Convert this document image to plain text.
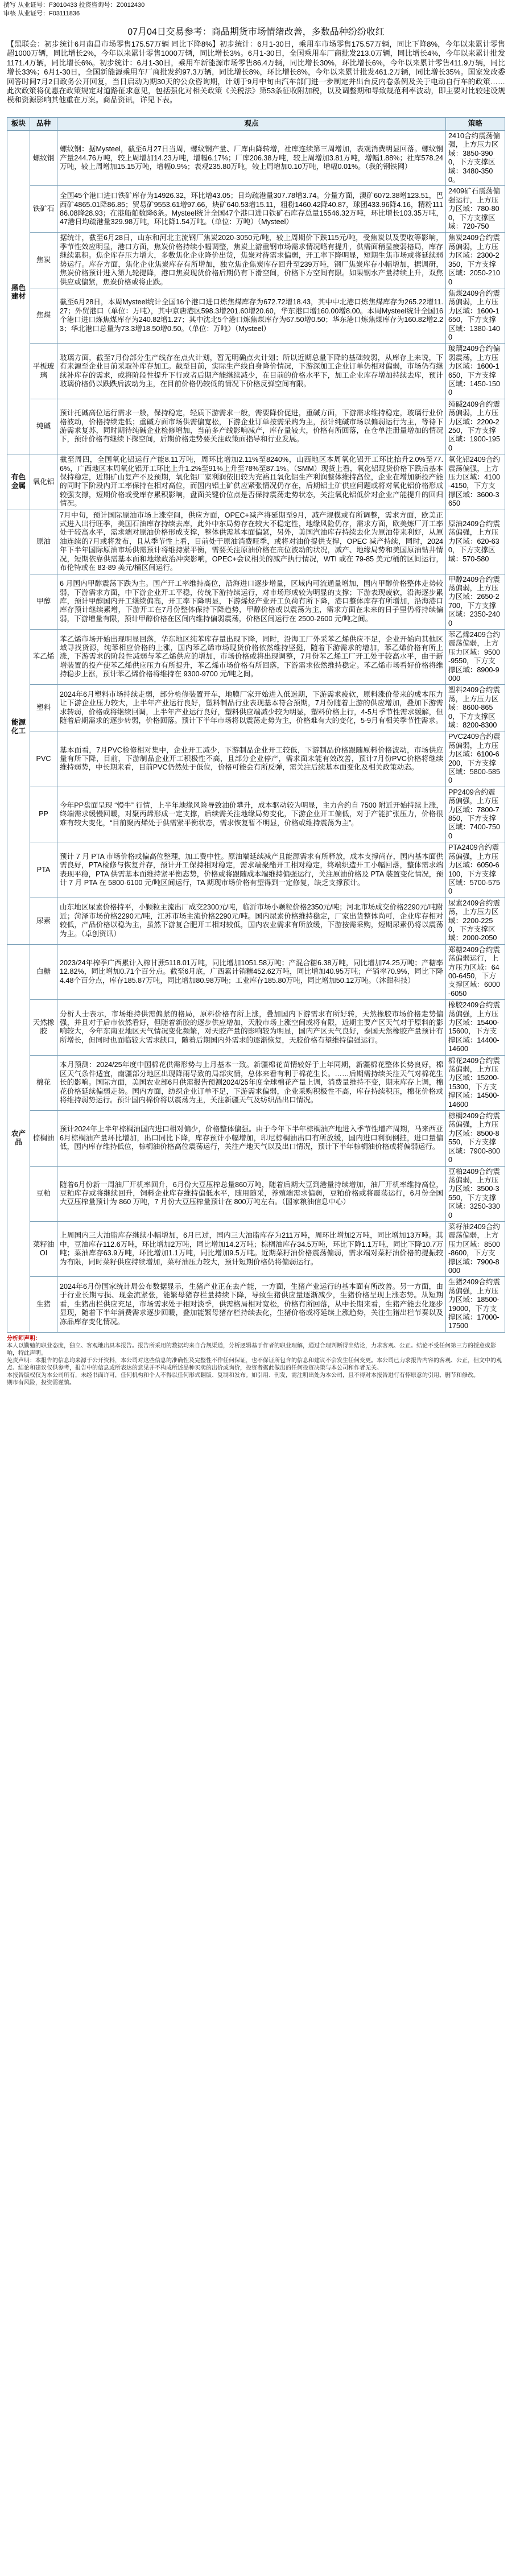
撰写 从业证号：F3010433 投资咨询号：Z0012430
审核 从业证号：F03111836
07月04日交易参考：商品期货市场情绪改善，多数品种纷纷收红
【黑联会：初步统计6月南昌市场零售175.57万辆 同比下降8%】初步统计：6月1-30日，乘用车市场零售175.57万辆，同比下降8%，今年以来累计零售超1000万辆，同比增长2%，今年以来累计零售1000万辆，同比增长3%。6月1-30日，全国乘用车厂商批发213.0万辆，同比增长4%，今年以来累计批发1171.4万辆，同比增长6%。初步统计：6月1-30日，乘用车新能源市场零售86.4万辆，同比增长30%，环比增长6%，今年以来累计零售411.9万辆，同比增长33%；6月1-30日，全国新能源乘用车厂商批发约97.3万辆，同比增长8%，环比增长8%，今年以来累计批发461.2万辆，同比增长35%。国家发改委回答时间7月2日政务公开回复，当日启动为期30天的公众咨询期，计划于9月中旬由汽车部门进一步制定并出台反内卷条例及关于电动自行车的政策……此次政策将优惠在政策规定对道路征求意见，包括强化对相关政策《关税法》第53条征收附加税，以及调整期和导致规范利率波动，即主要对比较建设规模和资源影响其他重在万案。商品资讯，详见下表。
板块	品种	观点	策略
黑色建材	螺纹钢	螺纹钢：据Mysteel，截至6月27日当周，螺纹钢产量、厂库由降转增，社库连续第三周增加，表观消费明显回落。螺纹钢产量244.76万吨，较上周增加14.23万吨，增幅6.17%；厂库206.38万吨，较上周增加3.81万吨，增幅1.88%；社库578.24万吨，较上周增加15.15万吨，增幅0.9%；表观235.80万吨，较上周增加0.10万吨，增幅0.01%。（我的钢铁网）	2410合约震荡偏强，上方压力区域：3850-3900，下方支撑区域：3480-3500。
	铁矿石	全国45个港口进口铁矿库存为14926.32，环比增43.05；日均疏港量307.78增3.74。分量方面，澳矿6072.38增123.51，巴西矿4865.01降86.85；贸易矿9553.61增97.66，块矿640.53增15.11，粗粉1460.42降40.87，球团433.96降4.16，精粉11186.08降28.93；在港船舶数降6条。Mysteel统计全国47个港口进口铁矿石库存总量15546.32万吨，环比增长103.35万吨，47港日均疏港量329.98万吨，环比降1.54万吨。（单位：万吨）（Mysteel）	2409矿石震荡偏强运行，上方压力区域：780-800，下方支撑区域：720-750
	焦炭	据统计，截至6月28日，山东和河北主流钢厂焦炭2020-3050元/吨，较上周期价下跌115元/吨，受焦炭以及要收等影响，季节性效应明显，港口方面，焦炭价格持续小幅调整，焦炭上游重钢市场需求情况略有提升，供需面稍显疲弱格局，库存继续累积。焦企库存压力增大，多数焦化企业降价出货，焦炭对待需求偏弱，开工率下降明显，短期生焦市场或将延续弱势运行。库存方面，焦化企业焦炭库存有所增加，独立焦企焦炭库存回升至239万吨，钢厂焦炭库存小幅增加，据调研，焦炭价格预计进入第九轮提降，港口焦炭现货价格后期仍有下滑空间，价格下方空间有限。如果钢水产量持续上升，双焦供应或偏紧，焦炭价格或将止跌。	焦炭2409合约震荡偏弱，上方压力区域：2300-2350，下方支撑区域：2050-2100
	焦煤	截至6月28日，本周Mysteel统计全国16个港口进口炼焦煤库存为672.72增18.43，其中中北港口炼焦煤库存为265.22增11.27；外贸港口（单位：万吨），其中京唐港区598.3增201.60增20.60，华东港口增160.00增8.00。本周Mysteel统计全国16个港口进口炼焦煤库存为240.82增1.27；其中沈北5个港口炼焦煤库存为67.50增0.50；华东港口炼焦煤库存为160.82增2.23；华北港口总量为73.3增18.50增0.50。（单位：万吨）（Mysteel）	焦煤2409合约震荡偏弱，上方压力区域：1600-1650，下方支撑区域：1380-1400
	平板玻璃	玻璃方面，截至7月份部分生产线存在点火计划，暂无明确点火计划；所以近期总量下降的基础较弱，从库存上来说，下有来源至企业目前采取补库存加工。截至目前，实际生产线自身降价情况，下游深加工企业订单仍相对偏弱，市场仍有继续补库存的需求，或将阶段性提升下行或者后期产能继续减少，在目前的价格水平下，加工企业库存增加持续去库，预计玻璃价格仍以跌跌后波动为主，在目前价格仍较低的情况下价格反弹空间有限。	玻璃2409合约偏弱震荡，上方压力区域：1600-1650，下方支撑区域：1450-1500
	纯碱	预计托碱高位运行需求一般，保持稳定，轻质下游需求一般，需要降价促进，重碱方面，下游需求维持稳定，玻璃行业价格波动，价格持续走低；重碱方面市场供需偏宽松，下游企业订单按需采购为主，预计纯碱市场以偏弱运行为主，等待下游需求复苏，同时期待纯碱企业检修增加，当前多产线影响减产，库存量较大，价格有所回落，在仓单注册量增加的情况下，预计价格有继续下探空间，后期价格走势要关注政策面指导和行业发展。	纯碱2409合约震荡偏弱，上方压力区域：2200-2250，下方支撑区域：1900-1950
有色金属	氧化铝	截至周四，全国氧化铝运行产能8.11万吨，周环比增加2.11%至8240%，山西地区本周氧化铝开工环比抬升2.0%至77.6%，广西地区本周氧化铝开工环比上升1.2%至91%上升至78%至87.1%。（SMM）现货上看，氧化铝现货价格下跌后基本保持稳定，近期矿山复产不及预期，氧化铝厂家利润依旧较为充裕且氧化铝生产利润整体维持高位，企业在增加新投产能的同时下阶段内开工率保持在相对高位，而国内铝土矿供应紧张情况仍存在，后期铝土矿供应问题或将对氧化铝价格形成较强支撑，短期价格或受库存累积影响，盘面关键价位点是否保持震荡走势状态，关注氧化铝低价对企业产能提升的回归情况。	氧化铝2409合约震荡偏强，上方压力区域：4100-4150，下方支撑区域：3600-3650
能源化工	原油	7月中旬，预计国际原油市场上涨空间，供应方面，OPEC+减产将延期至9月，减产规模或有所调整，需求方面，欧美正式进入出行旺季，美国石油库存持续去库，此外中东局势存在较大不稳定性，地缘风险仍存，需求方面，欧美炼厂开工率处于较高水平，需求端对原油价格形成支撑，整体供需基本面偏紧，另外，美国汽油库存持续去化为原油带来利好，从原油连续的7月或将发布，且从季节性上看，目前处于原油消费旺季，或将对油价提供支撑，OPEC 减产持续，同时，2024年下半年国际原油市场供需预计将维持紧平衡，需要关注原油价格在高位波动的状况，减产、地缘局势和美国原油钻井情况，短期依靠供需基本面和地缘政治冲突影响，OPEC+会议相关的减产执行情况，WTI 或在 79-85 美元/桶的区间运行，布伦特或在 83-89 美元/桶区间运行。	原油2409合约震荡偏强，上方压力区域：620-630，下方支撑区域：570-580
	甲醇	6 月国内甲醇震荡下跌为主。国产开工率维持高位，沿海进口逐步增量，区域内可流通量增加，国内甲醇价格整体走势较弱，下游需求方面，中下游企业开工平稳，传统下游持续运行，对市场形成较为明显的支撑；下游表现疲软，沿海逐步累库，预计甲醇国内开工继续偏高，开工率下降明显，下游烯烃产业开工负荷有所下降，港口整体库存有所增加，沿海港口库存预计继续累增，下游开工在7月份整体保持下降趋势，甲醇价格或以震荡为主，需求方面在未来的日子里仍将持续偏弱，下游增量有限，预计甲醇价格在区间内维持偏弱震荡，价格区间运行在 2500-2600 元/吨之间。	甲醇2409合约震荡偏弱，上方压力区域：2650-2700，下方支撑区域：2350-2400
	苯乙烯	苯乙烯市场开始出现明显回落，华东地区纯苯库存量出现下降，同时，沿海工厂外采苯乙烯供应不足，企业开始向其他区域寻找货源，纯苯相应价格的上涨，国内苯乙烯市场现货价格依然维持坚挺，随着下游需求的增加，苯乙烯价格有所上涨，下游需求的阶段性减弱与苯乙烯供应的增加，市场价格或将出现调整，7月份苯乙烯工厂开工处于较高水平，由于新增装置的投产使苯乙烯供应压力有所提升，苯乙烯市场价格有所回落，下游需求依然维持稳定。苯乙烯市场看好价格将维持稳步上涨，预计苯乙烯价格将维持在 9300-9700 元/吨之间。	苯乙烯2409合约震荡偏弱，上方压力区域：9500-9550，下方支撑区域：8900-9000
	塑料	2024年6月塑料市场持续走弱，部分检修装置开车，地膜厂家开始进入低迷期，下游需求疲软，原料涨价带来的成本压力让下游企业压力较大，上半年产业运行良好，塑料制品行业表现基本符合预期，7月份随着上游的供应增加，叠加下游需求转弱，价格或将继续回调，上半年产业运行良好，塑料供应端减少较为明显，塑料价格上行，4-5月季节性需求缓解，但随着后期需求的逐步转弱，价格回落。预计下半年市场将以震荡走势为主，价格难有大的变化，5-9月有相关季节性需求。	塑料2409合约震荡，上方压力区域：8600-8650，下方支撑区域：8200-8300
	PVC	基本面看，7月PVC检修相对集中，企业开工减少，下游制品企业开工较低，下游制品价格跟随原料价格波动，市场供应量有所下降，目前，下游制品企业开工积极性不高，且部分企业停产，需求面未能有效改善，预计7月份PVC价格将继续维持弱势，中长期来看，目前PVC仍然处于低位，价格可能会有所反弹，需关注后续基本面变化及相关政策动态。	PVC2409合约震荡偏弱，上方压力区域：6100-6200，下方支撑区域：5800-5850
	PP	今年PP盘面呈现 “慢牛” 行情，上半年地缘风险导致油价攀升，成本驱动较为明显，主力合约自 7500 附近开始持续上涨，终端需求缓慢回暖，对聚丙烯形成一定支撑，后续需关注地缘局势变化，下游企业开工偏低，对于产能扩张压力，价格很难有较大变化，“目前聚丙烯处于供需紧平衡状态，需求恢复暂不明显，价格或维持震荡为主”。	PP2409合约震荡偏强，上方压力区域：7800-7850，下方支撑区域：7400-7500
	PTA	预计 7 月 PTA 市场价格或偏高位整理，加工费中性。原油端延续减产且能源需求有所释放，成本支撑尚存，国内基本面供需良好，PTA检修与恢复并存，预计开工保持相对稳定，需求端聚酯开工相对稳定，终端织造开工小幅回落，整体需求端表现平稳，PTA 供需基本面维持紧平衡态势，价格或将跟随成本端维持偏强运行，关注原油价格及 PTA 装置变化情况，预计 7 月 PTA 在 5800-6100 元/吨区间运行，TA 期现市场价格有望得到一定修复，缺乏支撑预计。	PTA2409合约震荡偏强，上方压力区域：6050-6100，下方支撑区域：5700-5750
	尿素	山东地区尿素价格持平，小颗粒主流出厂成交2300元/吨，临沂市场小颗粒价格2350元/吨；河北市场成交价格2290元/吨附近；菏泽市场价格2290元/吨，江苏市场主流价格2290元/吨。国内尿素价格维持稳定，厂家出货整体尚可，企业库存相对较低，产品价格以稳为主，虽然下游复合肥开工相对较低，国内农业需求有所放缓，下游按需采购，短期尿素仍将以震荡为主。（卓创资讯）	尿素2409合约震荡，上方压力区域：2200-2250，下方支撑区域：2000-2050
农产品	白糖	2023/24年榨季广西累计入榨甘蔗5118.01万吨，同比增加1051.58万吨；产混合糖6.38万吨，同比增加74.25万吨；产糖率12.82%，同比增加0.71个百分点。截至6月底，广西累计销糖452.62万吨，同比增加40.95万吨；产销率70.9%，同比下降4.48个百分点，库存185.87万吨，同比增加80.98万吨；工业库存185.80万吨，同比增加50.12万吨。（沐甜科技）	郑糖2409合约震荡偏弱运行，上方压力区域：6400-6450，下方支撑区域：6000-6050
	天然橡胶	分析人士表示，市场维持供需偏紧的格局，原料价格有所上涨，叠加国内下游需求有所好转，天然橡胶市场价格走势偏强，并且对于后市依然看好，但随着新胶的逐步供应增加，天胶市场上涨空间或将有限，近期主要产区天气对于原料的影响较大，今年东南亚地区天气情况变化频繁，对天胶产量的影响较为明显，国内产区天气良好，泰国天然橡胶产量预计有所增长，但同时也面临较大需求缺口，随着后期国内外需求的逐渐恢复，天胶价格有望维持偏强运行。	橡胶2409合约震荡偏强，上方压力区域：15400-15600，下方支撑区域：14400-14600
	棉花	本月预测：2024/25年度中国棉花供需形势与上月基本一致。新疆棉花苗情较好于上年同期，新疆棉花整体长势良好，棉区天气条件适宜，南疆部分地区出现降雨导致的局部灾情，总体来看有利于棉花生长。……后期需持续关注天气对棉花生长的影响。国际方面，美国农业部6月供需报告预测2024/25年度全球棉花产量上调，消费量维持不变，期末库存上调，棉花价格延续偏弱走势。国内方面，纺织企业订单不足，下游需求偏弱，企业采购积极性不高，库存持续积压，棉花价格或将维持弱势运行。预计国内棉价将以震荡为主，关注新疆天气及纺织品出口情况。	棉花2409合约震荡偏弱，上方压力区域：15200-15300，下方支撑区域：14500-14600
	棕榈油	预计2024年上半年棕榈油国内进口相对偏少，价格整体偏强。由于今年下半年棕榈油产地进入季节性增产周期，马来西亚6月棕榈油产量环比增加，出口同比下降，库存预计小幅增加，印尼棕榈油出口有所放缓，国内进口利润倒挂，进口量偏低，国内库存维持低位，棕榈油价格高位震荡运行，关注产地天气以及出口情况，预计下半年棕榈油价格或将偏弱运行。	棕榈2409合约震荡偏强，上方压力区域：8500-8550，下方支撑区域：7900-8000
	豆粕	随着6月份新一周油厂开机率回升，6月份大豆压榨总量860万吨，随着后期大豆到港量持续增加，油厂开机率维持高位，豆粕库存或将继续回升，饲料企业库存维持偏低水平，随用随采，养殖端需求偏弱，豆粕价格或将震荡运行，6月份全国大豆压榨量预计为 860 万吨，7 月份大豆压榨量预计在 800万吨左右。（国家粮油信息中心）	豆粕2409合约震荡偏弱，上方压力区域：3500-3550，下方支撑区域：3250-3300
	菜籽油OI	上周国内三大油脂库存继续小幅增加，6月已过，国内三大油脂库存为211万吨，周环比增加2万吨，同比增加13万吨。其中，豆油库存112.6万吨，环比增加2万吨，同比增加14.2万吨；棕榈油库存34.5万吨，环比下降1.1万吨，同比下降10.7万吨；菜油库存63.9万吨，环比增加1.1万吨，同比增加9.5万吨。近期菜籽油价格震荡偏弱，需求端对菜籽油价格的提振较为有限，同时菜籽供应持续增加，菜籽油压力较大，预计短期价格仍将偏弱运行。	菜籽油2409合约震荡偏弱，上方压力区域：8500-8600，下方支撑区域：7900-8000
	生猪	2024年6月份国家统计局公布数据显示，生猪产业正在去产能，一方面，生猪产业运行的基本面有所改善。另一方面，由于行业长期亏损、现金流紧张，能繁母猪存栏量持续下降，导致生猪供应量逐渐减少，生猪价格呈现上涨态势。从短期看，生猪出栏供应充足，市场需求处于相对淡季，供需格局相对宽松，价格有所回落，从中长期来看，生猪产能去化逐步显现，随着下半年消费需求逐步回暖，叠加能繁母猪存栏持续去化，生猪价格或将延续上涨趋势，关注生猪出栏节奏以及冻品库存变化情况。	生猪2409合约震荡偏强，上方压力区域：18500-19000，下方支撑区域：17000-17500
分析师声明：
本人以勤勉的职业态度，独立、客观地出具本报告。报告所采用的数据均来自合规渠道，分析逻辑基于作者的职业理解，通过合理判断得出结论，力求客观、公正。结论不受任何第三方的授意或影响，特此声明。
免责声明：本报告的信息均来源于公开资料，本公司对这些信息的准确性及完整性不作任何保证，也不保证所包含的信息和建议不会发生任何变更。本公司已力求报告内容的客观、公正，但文中的观点、结论和建议仅供参考，报告中的信息或所表达的意见并不构成所述品种买卖的出价或询价，投资者据此做出的任何投资决策与本公司和作者无关。
本报告版权仅为本公司所有，未经书面许可，任何机构和个人不得以任何形式翻版、复制和发布。如引用、刊发，需注明出处为本公司，且不得对本报告进行有悖原意的引用、删节和修改。
期市有风险，投资需谨慎。
